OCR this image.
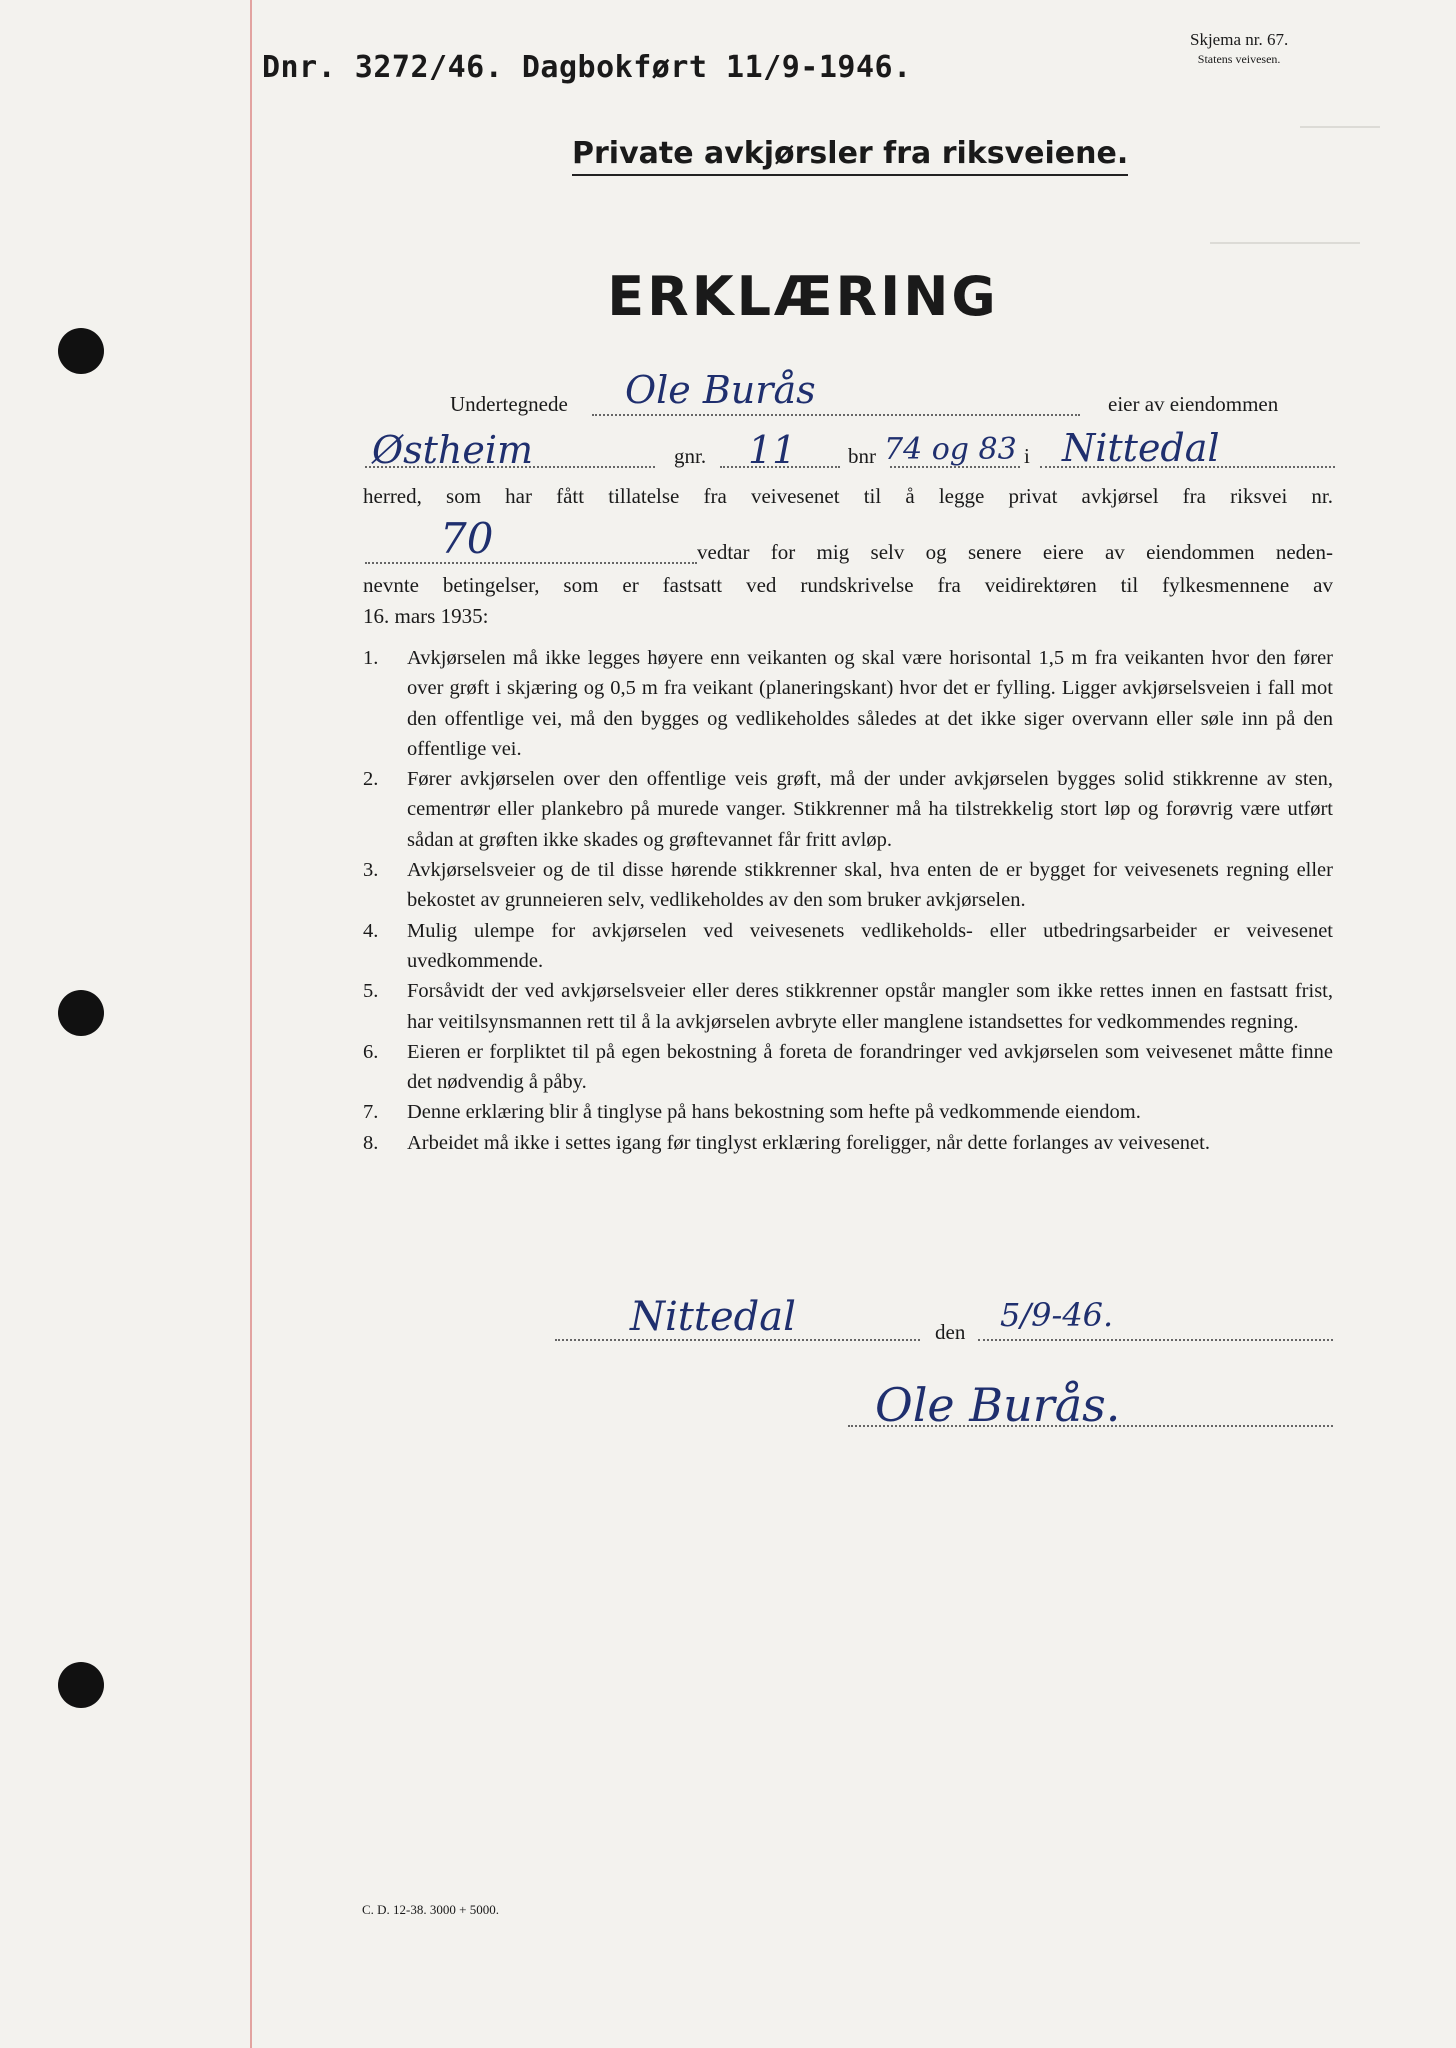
Dnr. 3272/46. Dagbokført 11/9-1946.
Skjema nr. 67.
Statens veivesen.
Private avkjørsler fra riksveiene.
ERKLÆRING
Undertegnede Ole Burås	eier av eiendommen
Østheim	gnr. 11 bnr 74 og 83 i Nittedal
herred, som har fått tillatelse fra veivesenet til å legge privat avkjørsel fra riksvei nr.
70	vedtar for mig selv og senere eiere av eiendommen neden-
nevnte betingelser, som er fastsatt ved rundskrivelse fra veidirektøren til fylkesmennene av
16. mars 1935:
1. Avkjørselen må ikke legges høyere enn veikanten og skal være horisontal 1,5 m fra veikanten hvor den fører over grøft i skjæring og 0,5 m fra veikant (planeringskant) hvor det er fylling. Ligger avkjørselsveien i fall mot den offentlige vei, må den bygges og vedlikeholdes således at det ikke siger overvann eller søle inn på den offentlige vei.
2. Fører avkjørselen over den offentlige veis grøft, må der under avkjørselen bygges solid stikkrenne av sten, cementrør eller plankebro på murede vanger. Stikkrenner må ha tilstrekkelig stort løp og forøvrig være utført sådan at grøften ikke skades og grøftevannet får fritt avløp.
3. Avkjørselsveier og de til disse hørende stikkrenner skal, hva enten de er bygget for veivesenets regning eller bekostet av grunneieren selv, vedlikeholdes av den som bruker avkjørselen.
4. Mulig ulempe for avkjørselen ved veivesenets vedlikeholds- eller utbedringsarbeider er veivesenet uvedkommende.
5. Forsåvidt der ved avkjørselsveier eller deres stikkrenner opstår mangler som ikke rettes innen en fastsatt frist, har veitilsynsmannen rett til å la avkjørselen avbryte eller manglene istandsettes for vedkommendes regning.
6. Eieren er forpliktet til på egen bekostning å foreta de forandringer ved avkjørselen som veivesenet måtte finne det nødvendig å påby.
7. Denne erklæring blir å tinglyse på hans bekostning som hefte på vedkommende eiendom.
8. Arbeidet må ikke i settes igang før tinglyst erklæring foreligger, når dette forlanges av veivesenet.
Nittedal	den 5/9-46.
Ole Burås.
C. D. 12-38. 3000 + 5000.
